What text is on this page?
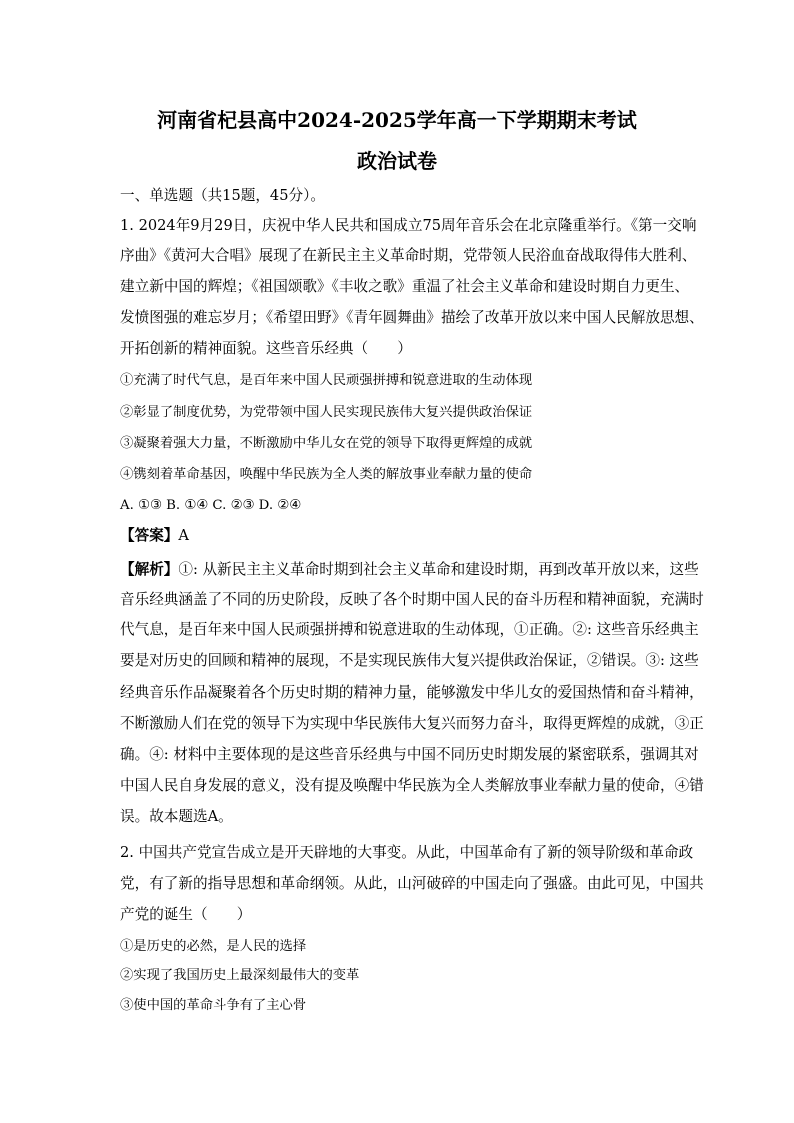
河南省杞县高中2024-2025学年高一下学期期末考试
政治试卷
一、单选题（共15题，45分）。
1. 2024年9月29日，庆祝中华人民共和国成立75周年音乐会在北京隆重举行。《第一交响
序曲》《黄河大合唱》展现了在新民主主义革命时期，党带领人民浴血奋战取得伟大胜利、
建立新中国的辉煌；《祖国颂歌》《丰收之歌》重温了社会主义革命和建设时期自力更生、
发愤图强的难忘岁月；《希望田野》《青年圆舞曲》描绘了改革开放以来中国人民解放思想、
开拓创新的精神面貌。这些音乐经典（　　）
①充满了时代气息，是百年来中国人民顽强拼搏和锐意进取的生动体现
②彰显了制度优势，为党带领中国人民实现民族伟大复兴提供政治保证
③凝聚着强大力量，不断激励中华儿女在党的领导下取得更辉煌的成就
④镌刻着革命基因，唤醒中华民族为全人类的解放事业奉献力量的使命
A. ①③ B. ①④ C. ②③ D. ②④
【答案】A
【解析】①: 从新民主主义革命时期到社会主义革命和建设时期，再到改革开放以来，这些
音乐经典涵盖了不同的历史阶段，反映了各个时期中国人民的奋斗历程和精神面貌，充满时
代气息，是百年来中国人民顽强拼搏和锐意进取的生动体现，①正确。②: 这些音乐经典主
要是对历史的回顾和精神的展现，不是实现民族伟大复兴提供政治保证，②错误。③: 这些
经典音乐作品凝聚着各个历史时期的精神力量，能够激发中华儿女的爱国热情和奋斗精神，
不断激励人们在党的领导下为实现中华民族伟大复兴而努力奋斗，取得更辉煌的成就，③正
确。④: 材料中主要体现的是这些音乐经典与中国不同历史时期发展的紧密联系，强调其对
中国人民自身发展的意义，没有提及唤醒中华民族为全人类解放事业奉献力量的使命，④错
误。故本题选A。
2. 中国共产党宣告成立是开天辟地的大事变。从此，中国革命有了新的领导阶级和革命政
党，有了新的指导思想和革命纲领。从此，山河破碎的中国走向了强盛。由此可见，中国共
产党的诞生（　　）
①是历史的必然，是人民的选择
②实现了我国历史上最深刻最伟大的变革
③使中国的革命斗争有了主心骨
